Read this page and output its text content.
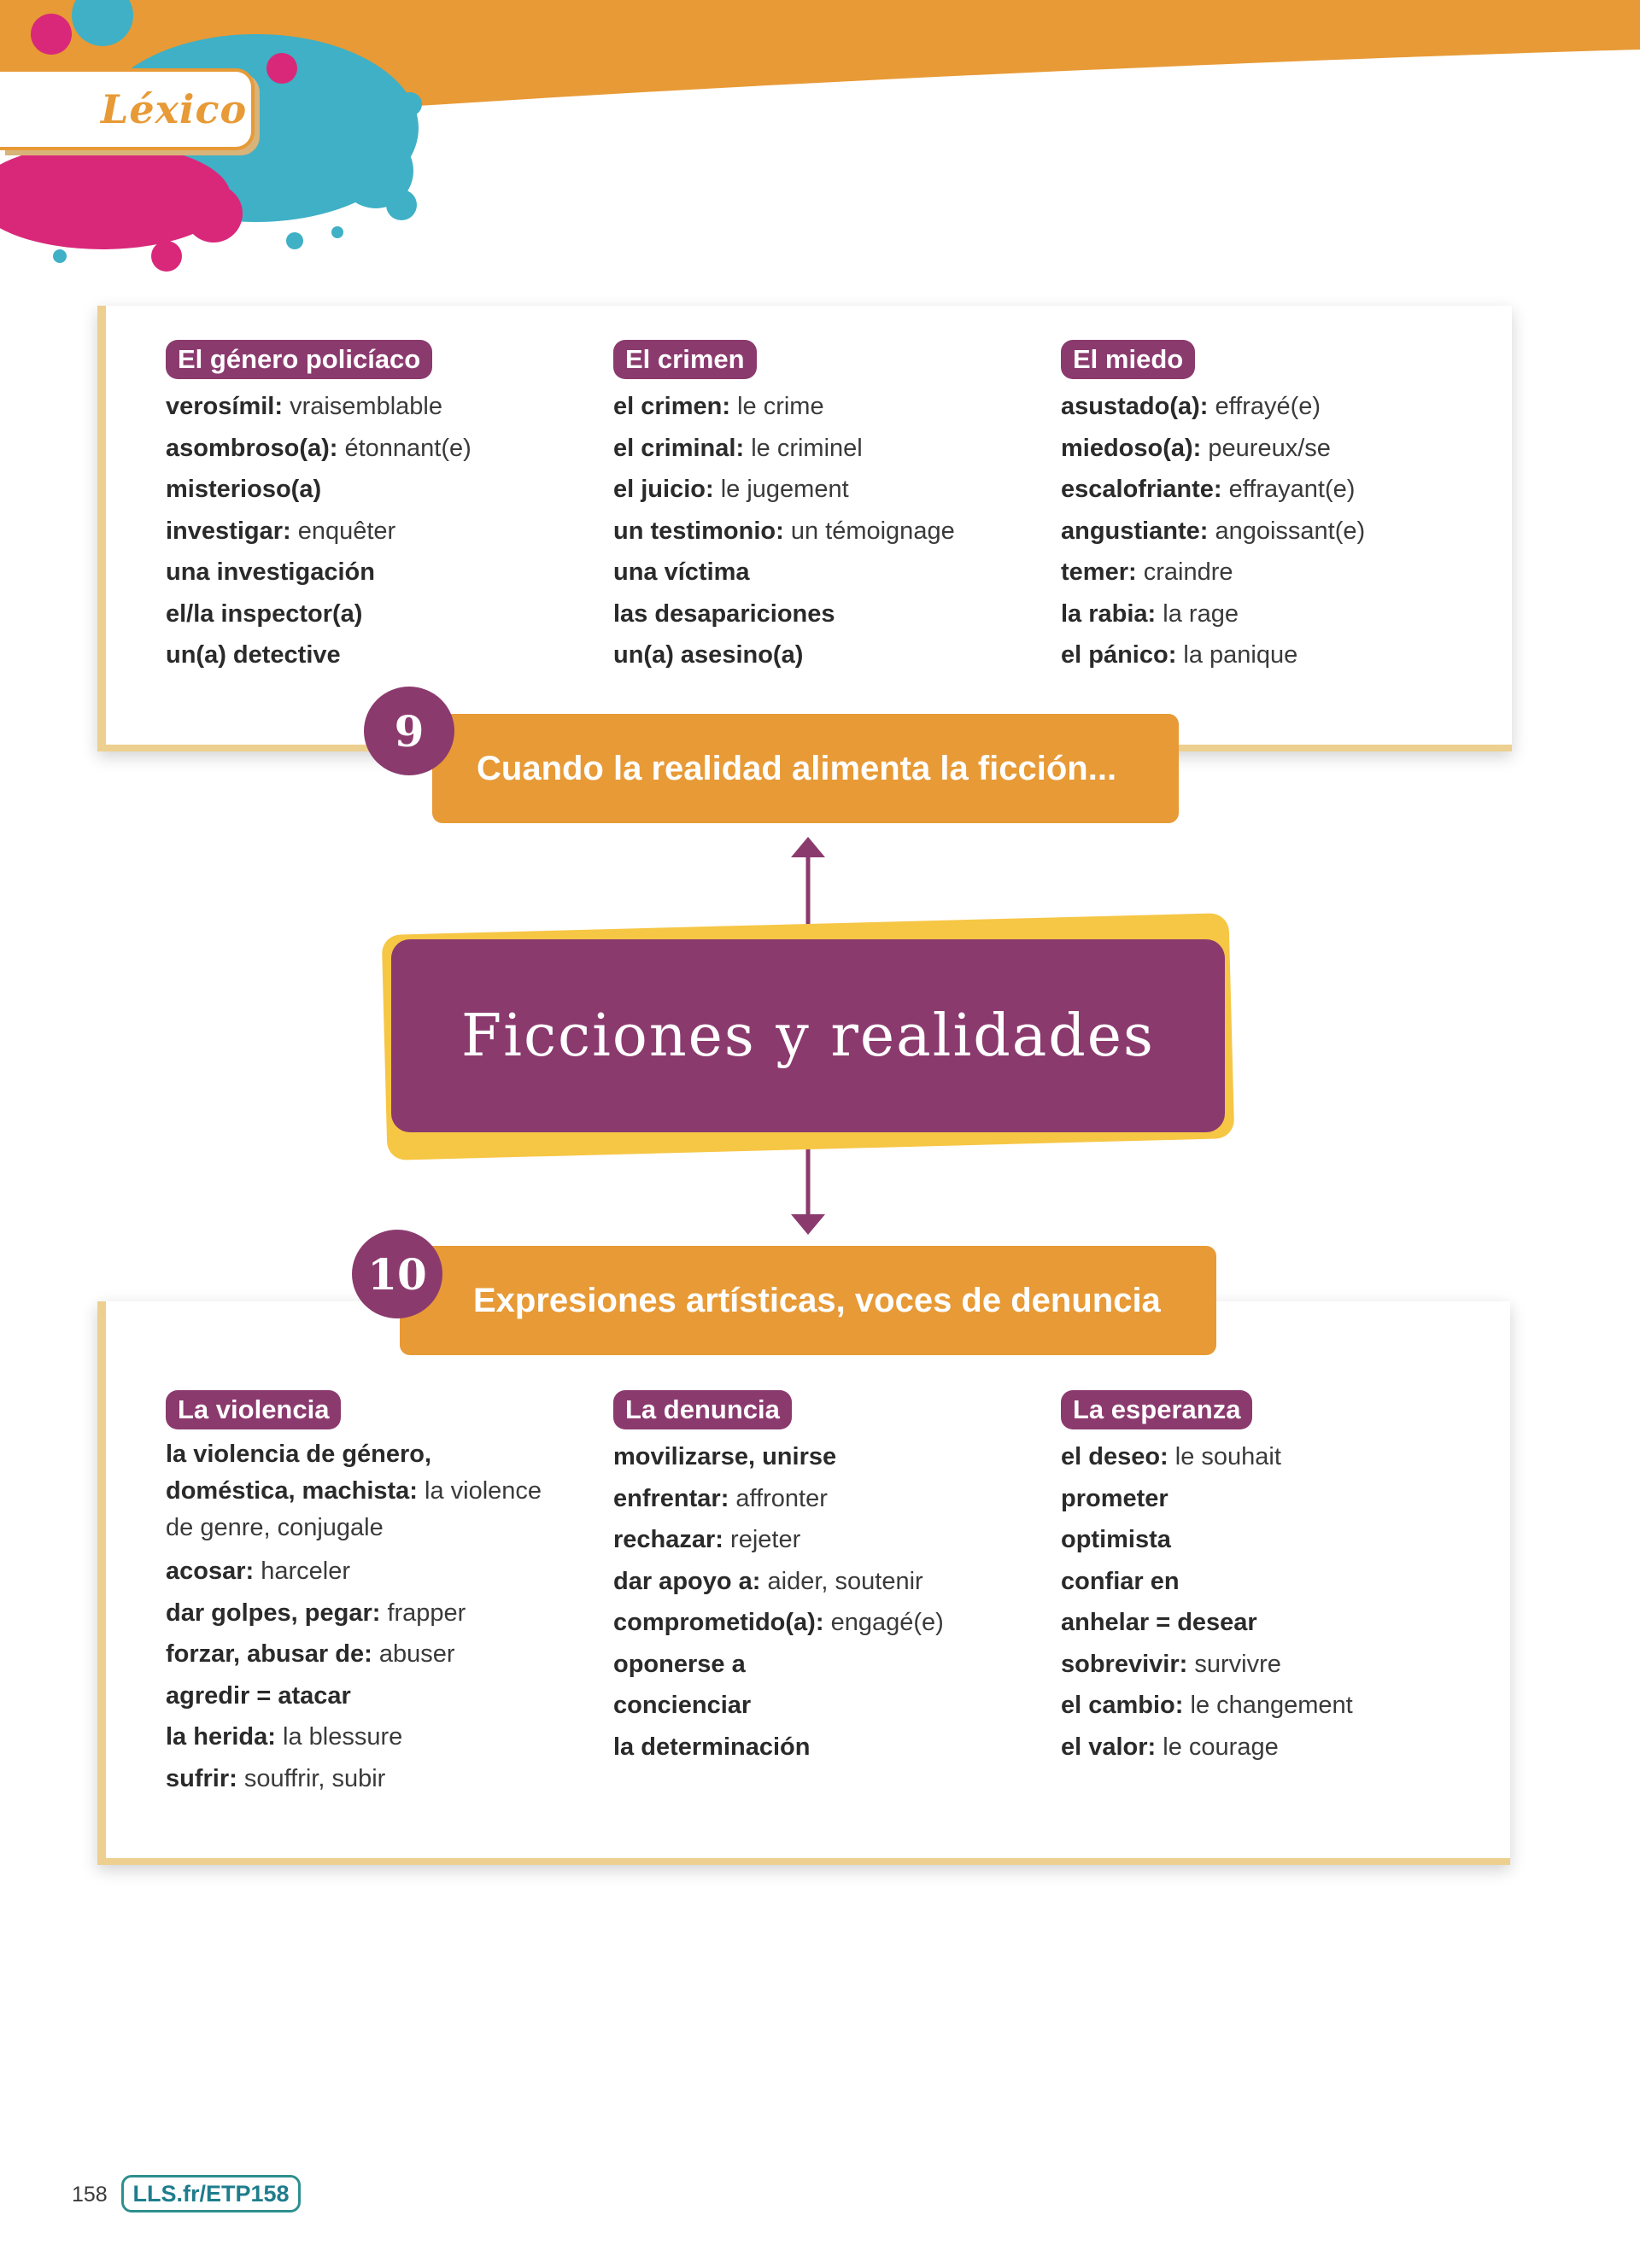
Léxico
El género policíaco
verosímil: vraisemblable
asombroso(a): étonnant(e)
misterioso(a)
investigar: enquêter
una investigación
el/la inspector(a)
un(a) detective
El crimen
el crimen: le crime
el criminal: le criminel
el juicio: le jugement
un testimonio: un témoignage
una víctima
las desapariciones
un(a) asesino(a)
El miedo
asustado(a): effrayé(e)
miedoso(a): peureux/se
escalofriante: effrayant(e)
angustiante: angoissant(e)
temer: craindre
la rabia: la rage
el pánico: la panique
La violencia
la violencia de género, doméstica, machista: la violence de genre, conjugale
acosar: harceler
dar golpes, pegar: frapper
forzar, abusar de: abuser
agredir = atacar
la herida: la blessure
sufrir: souffrir, subir
La denuncia
movilizarse, unirse
enfrentar: affronter
rechazar: rejeter
dar apoyo a: aider, soutenir
comprometido(a): engagé(e)
oponerse a
concienciar
la determinación
La esperanza
el deseo: le souhait
prometer
optimista
confiar en
anhelar = desear
sobrevivir: survivre
el cambio: le changement
el valor: le courage
Cuando la realidad alimenta la ficción...
9
Expresiones artísticas, voces de denuncia
10
Ficciones y realidades
158	LLS.fr/ETP158
